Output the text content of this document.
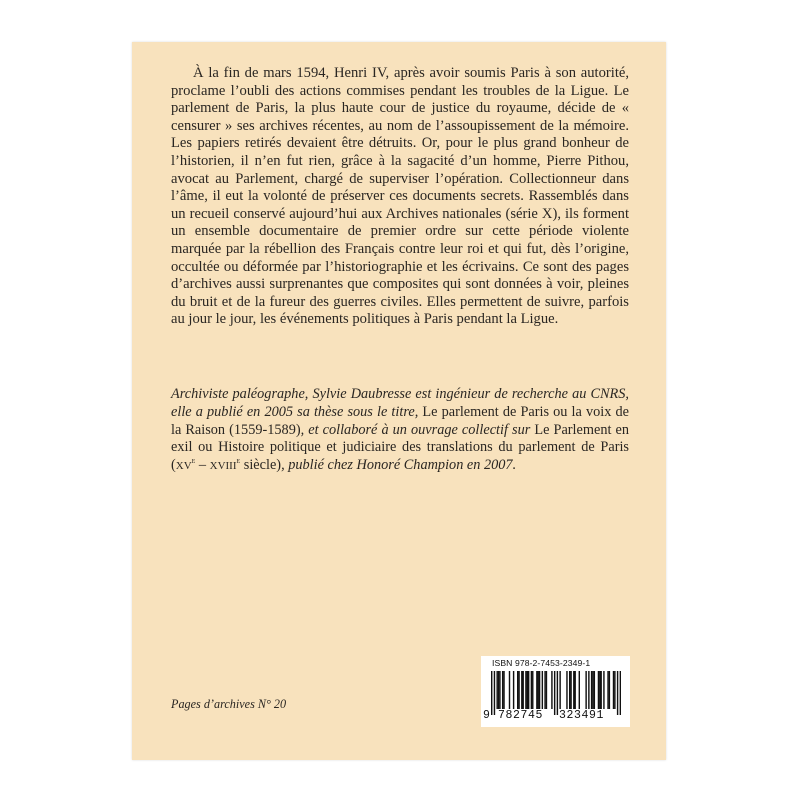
À la fin de mars 1594, Henri IV, après avoir soumis Paris à son autorité, proclame l’oubli des actions commises pendant les troubles de la Ligue. Le parlement de Paris, la plus haute cour de justice du royaume, décide de « censurer » ses archives récentes, au nom de l’assoupissement de la mémoire. Les papiers retirés devaient être détruits. Or, pour le plus grand bonheur de l’historien, il n’en fut rien, grâce à la sagacité d’un homme, Pierre Pithou, avocat au Parlement, chargé de superviser l’opération. Collectionneur dans l’âme, il eut la volonté de préserver ces documents secrets. Rassemblés dans un recueil conservé aujourd’hui aux Archives nationales (série X), ils forment un ensemble documentaire de premier ordre sur cette période violente marquée par la rébellion des Français contre leur roi et qui fut, dès l’origine, occultée ou déformée par l’historiographie et les écrivains. Ce sont des pages d’archives aussi surprenantes que composites qui sont données à voir, pleines du bruit et de la fureur des guerres civiles. Elles permettent de suivre, parfois au jour le jour, les événements politiques à Paris pendant la Ligue.

Archiviste paléographe, Sylvie Daubresse est ingénieur de recherche au CNRS, elle a publié en 2005 sa thèse sous le titre, Le parlement de Paris ou la voix de la Raison (1559-1589), et collaboré à un ouvrage collectif sur Le Parlement en exil ou Histoire politique et judiciaire des translations du parlement de Paris (XVe – XVIIIe siècle), publié chez Honoré Champion en 2007.

Pages d’archives N° 20
ISBN 978-2-7453-2349-1
9 782745 323491
